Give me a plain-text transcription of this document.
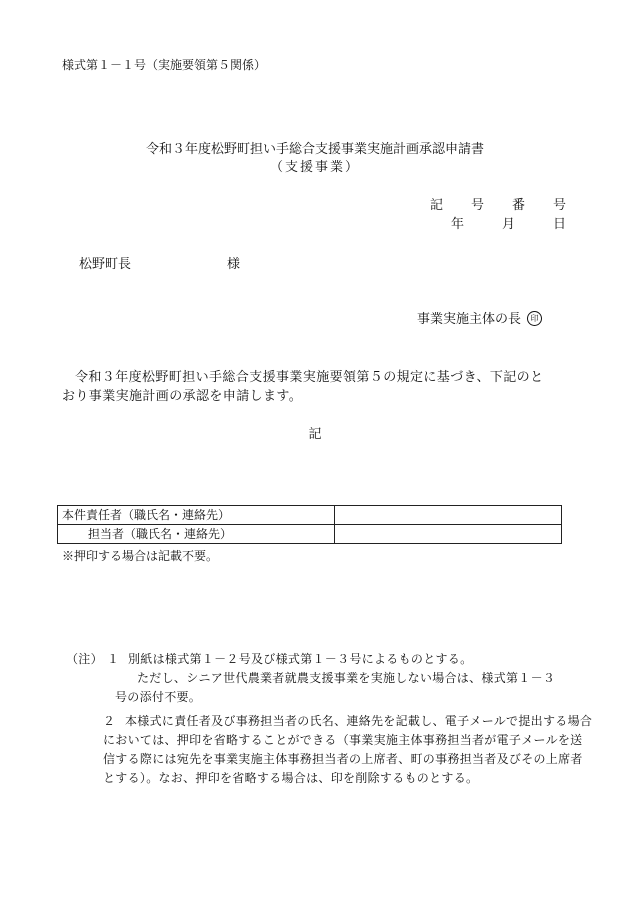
様式第１－１号（実施要領第５関係）
令和３年度松野町担い手総合支援事業実施計画承認申請書
（支援事業）
記 号 番 号
年	月	日
松野町長	様
事業実施主体の長	印
令和３年度松野町担い手総合支援事業実施要領第５の規定に基づき、下記のと
おり事業実施計画の承認を申請します。
記
本件責任者（職氏名・連絡先）	
担当者（職氏名・連絡先）	
※押印する場合は記載不要。
（注） １ 別紙は様式第１－２号及び様式第１－３号によるものとする。
ただし、シニア世代農業者就農支援事業を実施しない場合は、様式第１－３
号の添付不要。
２ 本様式に責任者及び事務担当者の氏名、連絡先を記載し、電子メールで提出する場合
においては、押印を省略することができる（事業実施主体事務担当者が電子メールを送
信する際には宛先を事業実施主体事務担当者の上席者、町の事務担当者及びその上席者
とする）。なお、押印を省略する場合は、印を削除するものとする。
